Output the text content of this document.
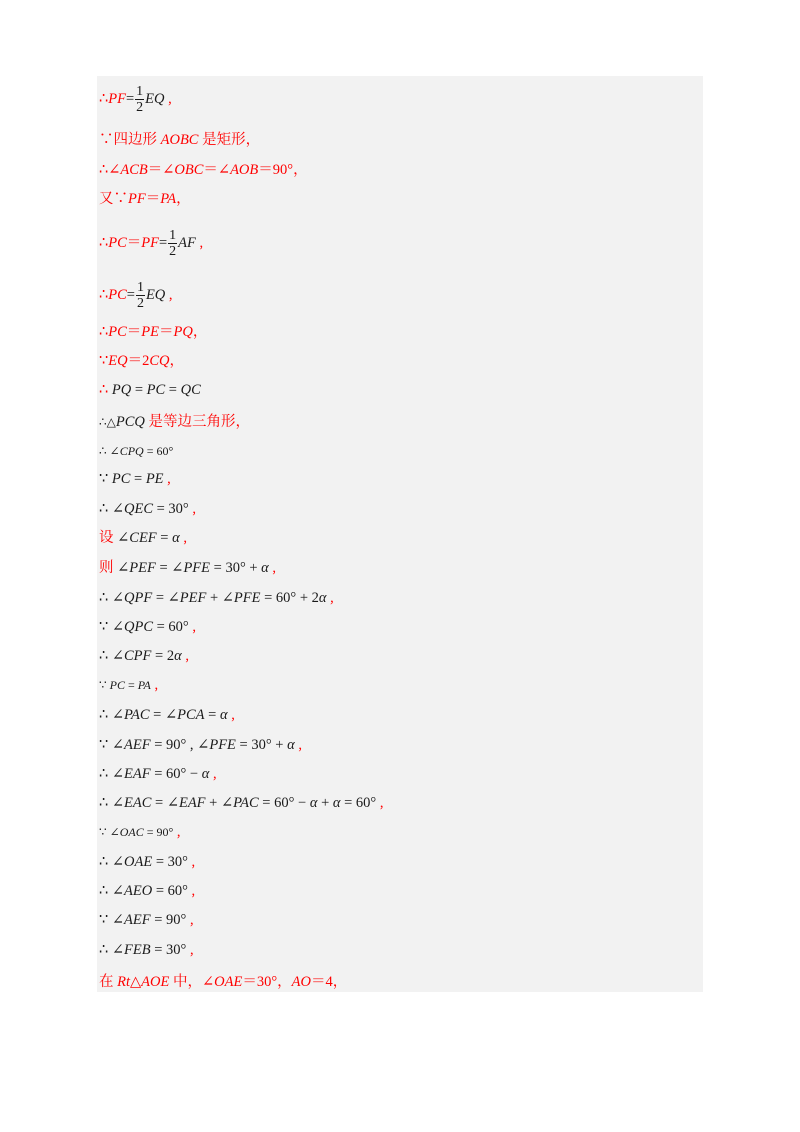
∴PF= $\frac{1}{2}$ EQ ,
∵四边形 AOBC 是矩形，
∴∠ACB＝∠OBC＝∠AOB＝90°，
又∵PF＝PA，
∴PC＝PF= $\frac{1}{2}$ AF ,
∴PC= $\frac{1}{2}$ EQ ,
∴PC＝PE＝PQ，
∵EQ＝2CQ，
∴ PQ = PC = QC
∴△PCQ 是等边三角形，
∴ ∠CPQ = 60°
∵ PC = PE ,
∴ ∠QEC = 30° ,
设 ∠CEF = α ,
则 ∠PEF = ∠PFE = 30° + α ,
∴ ∠QPF = ∠PEF + ∠PFE = 60° + 2α ,
∵ ∠QPC = 60° ,
∴ ∠CPF = 2α ,
∵ PC = PA ,
∴ ∠PAC = ∠PCA = α ,
∵ ∠AEF = 90° , ∠PFE = 30° + α ,
∴ ∠EAF = 60° − α ,
∴ ∠EAC = ∠EAF + ∠PAC = 60° − α + α = 60° ,
∵ ∠OAC = 90° ,
∴ ∠OAE = 30° ,
∴ ∠AEO = 60° ,
∵ ∠AEF = 90° ,
∴ ∠FEB = 30° ,
在 Rt△AOE 中，∠OAE＝30°，AO＝4，
